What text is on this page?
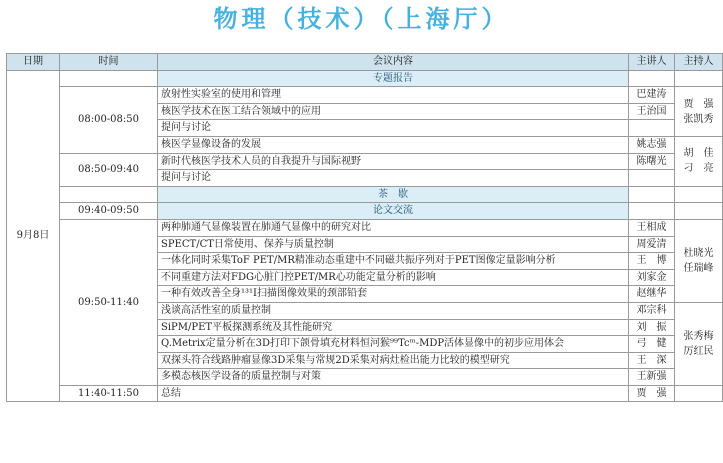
物理（技术）（上海厅）
日期	时间	会议内容	主讲人	主持人
9月8日		专题报告		
	08:00-08:50	放射性实验室的使用和管理	巴建涛	贾　强 张凯秀
		核医学技术在医工结合领域中的应用	王治国	
		提问与讨论		
		核医学显像设备的发展	姚志强	胡　佳 刁　亮
	08:50-09:40	新时代核医学技术人员的自我提升与国际视野	陈曙光	
		提问与讨论		
		茶　歇		
	09:40-09:50	论文交流		
	09:50-11:40	两种肺通气显像装置在肺通气显像中的研究对比	王相成	杜晓光 任瑞峰
		SPECT/CT日常使用、保养与质量控制	周爱清	
		一体化同时采集ToF PET/MR精准动态重建中不同磁共振序列对于PET图像定量影响分析	王　博	
		不同重建方法对FDG心脏门控PET/MR心功能定量分析的影响	刘家金	
		一种有效改善全身¹³¹I扫描图像效果的颈部铅套	赵继华	
		浅谈高活性室的质量控制	邓宗科	张秀梅 厉红民
		SiPM/PET平板探测系统及其性能研究	刘　振	
		Q.Metrix定量分析在3D打印下颌骨填充材料恒河猴⁹⁹Tcᵐ-MDP活体显像中的初步应用体会	弓　健	
		双探头符合线路肿瘤显像3D采集与常规2D采集对病灶检出能力比较的模型研究	王　深	
		多模态核医学设备的质量控制与对策	王新强	
	11:40-11:50	总结	贾　强	
